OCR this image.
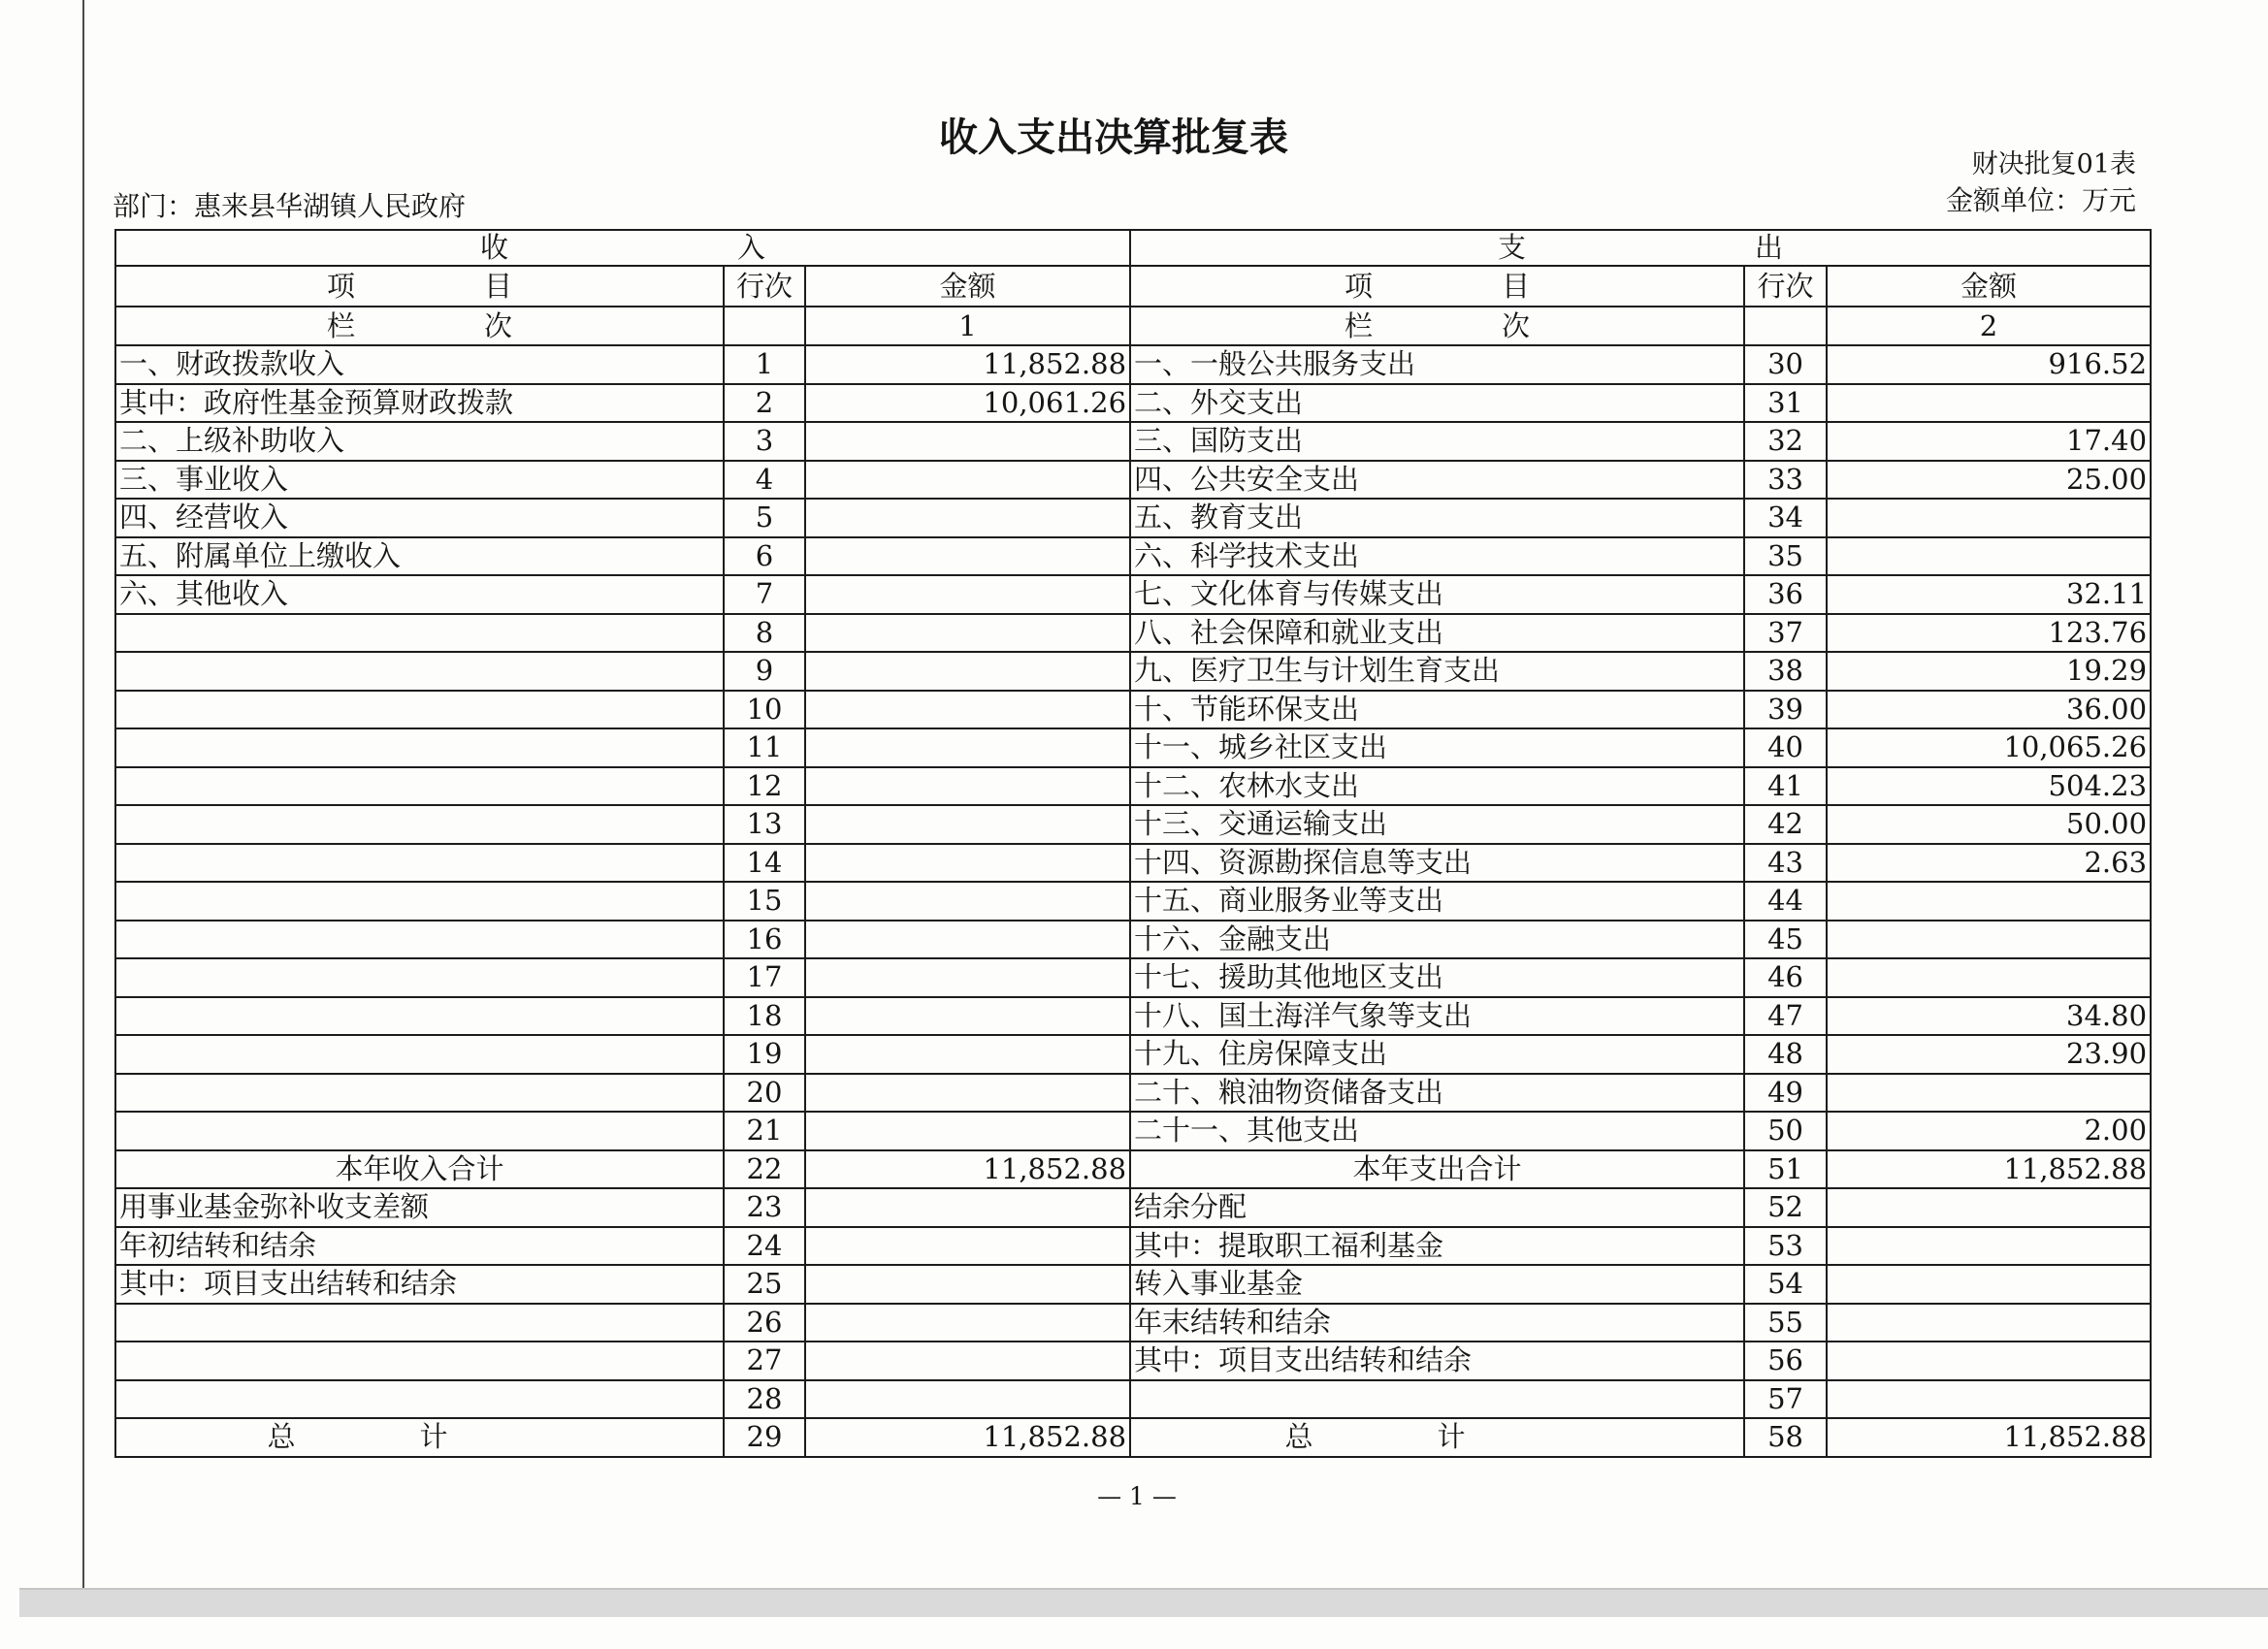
收入支出决算批复表
财决批复01表
部门：惠来县华湖镇人民政府	金额单位：万元
收入			支出		
项目	行次	金额	项目	行次	金额
栏次		1	栏次		2
一、财政拨款收入	1	11,852.88	一、一般公共服务支出	30	916.52
其中：政府性基金预算财政拨款	2	10,061.26	二、外交支出	31	
二、上级补助收入	3		三、国防支出	32	17.40
三、事业收入	4		四、公共安全支出	33	25.00
四、经营收入	5		五、教育支出	34	
五、附属单位上缴收入	6		六、科学技术支出	35	
六、其他收入	7		七、文化体育与传媒支出	36	32.11
	8		八、社会保障和就业支出	37	123.76
	9		九、医疗卫生与计划生育支出	38	19.29
	10		十、节能环保支出	39	36.00
	11		十一、城乡社区支出	40	10,065.26
	12		十二、农林水支出	41	504.23
	13		十三、交通运输支出	42	50.00
	14		十四、资源勘探信息等支出	43	2.63
	15		十五、商业服务业等支出	44	
	16		十六、金融支出	45	
	17		十七、援助其他地区支出	46	
	18		十八、国土海洋气象等支出	47	34.80
	19		十九、住房保障支出	48	23.90
	20		二十、粮油物资储备支出	49	
	21		二十一、其他支出	50	2.00
本年收入合计	22	11,852.88	本年支出合计	51	11,852.88
用事业基金弥补收支差额	23		结余分配	52	
年初结转和结余	24		其中：提取职工福利基金	53	
其中：项目支出结转和结余	25		转入事业基金	54	
	26		年末结转和结余	55	
	27		其中：项目支出结转和结余	56	
	28			57	
总计	29	11,852.88	总计	58	11,852.88
— 1 —
